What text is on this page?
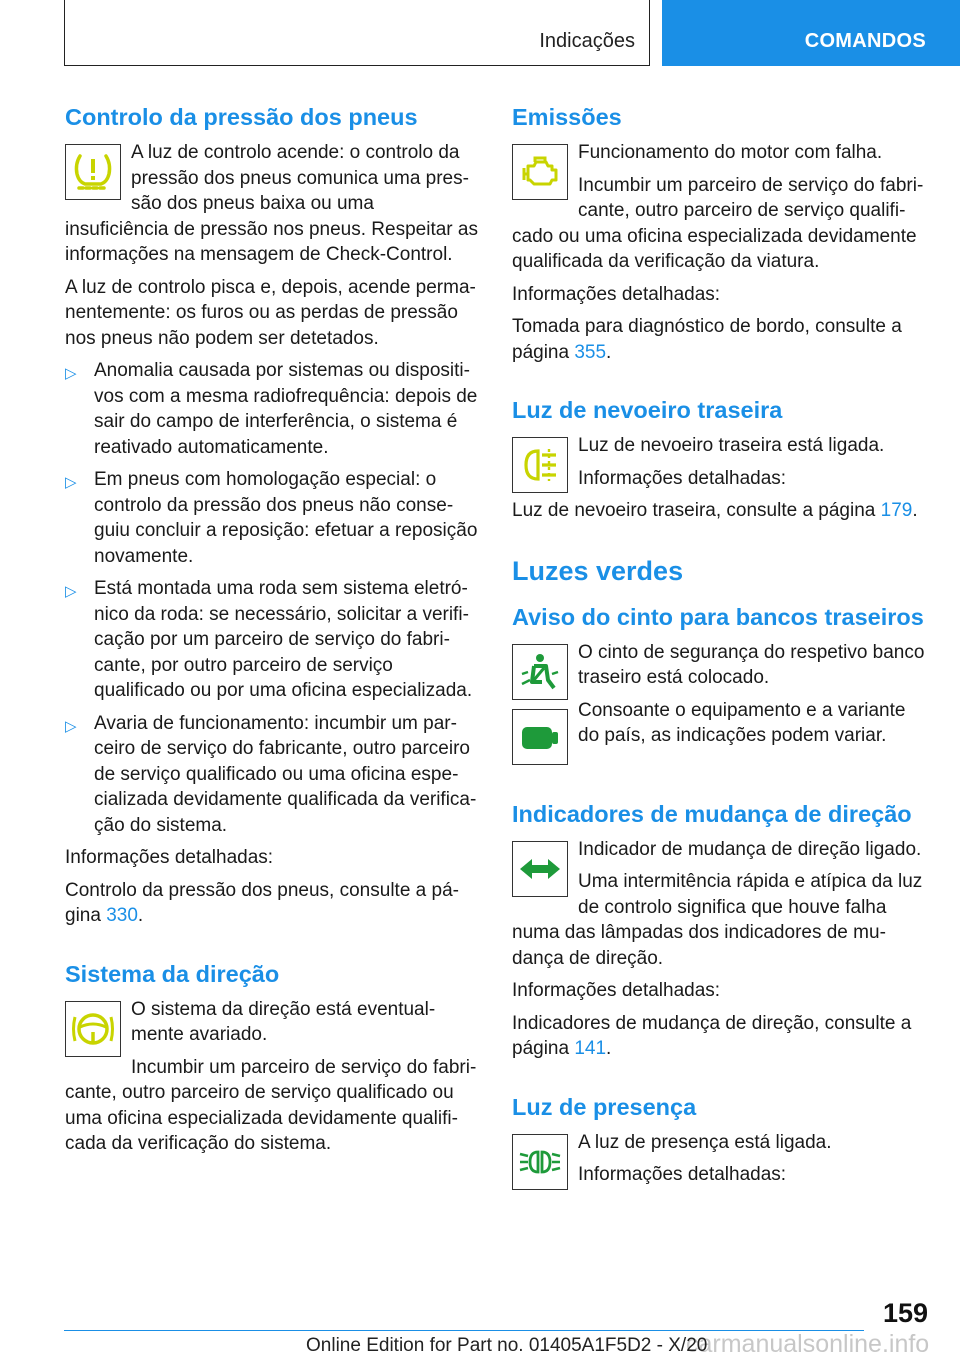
Indicações	COMANDOS
Controlo da pressão dos pneus

A luz de controlo acende: o controlo da pressão dos pneus comunica uma pressão dos pneus baixa ou uma insuficiência de pressão nos pneus. Respeitar as informações na mensagem de Check-Control.

A luz de controlo pisca e, depois, acende permanentemente: os furos ou as perdas de pressão nos pneus não podem ser detetados.

▷ Anomalia causada por sistemas ou dispositivos com a mesma radiofrequência: depois de sair do campo de interferência, o sistema é reativado automaticamente.
▷ Em pneus com homologação especial: o controlo da pressão dos pneus não conseguiu concluir a reposição: efetuar a reposição novamente.
▷ Está montada uma roda sem sistema eletrónico da roda: se necessário, solicitar a verificação por um parceiro de serviço do fabricante, por outro parceiro de serviço qualificado ou por uma oficina especializada.
▷ Avaria de funcionamento: incumbir um parceiro de serviço do fabricante, outro parceiro de serviço qualificado ou uma oficina especializada devidamente qualificada da verificação do sistema.

Informações detalhadas:

Controlo da pressão dos pneus, consulte a página 330.

Sistema da direção

O sistema da direção está eventualmente avariado.

Incumbir um parceiro de serviço do fabricante, outro parceiro de serviço qualificado ou uma oficina especializada devidamente qualificada da verificação do sistema.

Emissões

Funcionamento do motor com falha.

Incumbir um parceiro de serviço do fabricante, outro parceiro de serviço qualificado ou uma oficina especializada devidamente qualificada da verificação da viatura.

Informações detalhadas:

Tomada para diagnóstico de bordo, consulte a página 355.

Luz de nevoeiro traseira

Luz de nevoeiro traseira está ligada.

Informações detalhadas:

Luz de nevoeiro traseira, consulte a página 179.

Luzes verdes
Aviso do cinto para bancos traseiros

O cinto de segurança do respetivo banco traseiro está colocado.

Consoante o equipamento e a variante do país, as indicações podem variar.

Indicadores de mudança de direção

Indicador de mudança de direção ligado.

Uma intermitência rápida e atípica da luz de controlo significa que houve falha numa das lâmpadas dos indicadores de mudança de direção.

Informações detalhadas:

Indicadores de mudança de direção, consulte a página 141.

Luz de presença

A luz de presença está ligada.

Informações detalhadas:

159
carmanualsonline.info
Online Edition for Part no. 01405A1F5D2 - X/20
